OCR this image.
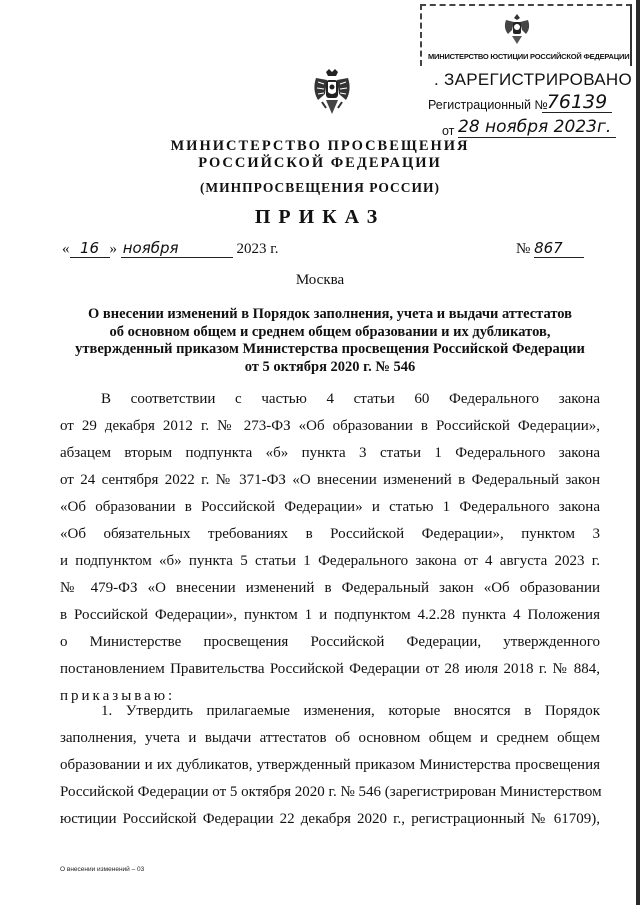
МИНИСТЕРСТВО ЮСТИЦИИ РОССИЙСКОЙ ФЕДЕРАЦИИ
. ЗАРЕГИСТРИРОВАНО
Регистрационный №
76139
от 28 ноября 2023г.
МИНИСТЕРСТВО ПРОСВЕЩЕНИЯ
РОССИЙСКОЙ ФЕДЕРАЦИИ
(МИНПРОСВЕЩЕНИЯ РОССИИ)
ПРИКАЗ
« 16 » ноября	2023 г.	№ 867
Москва
О внесении изменений в Порядок заполнения, учета и выдачи аттестатов
об основном общем и среднем общем образовании и их дубликатов,
утвержденный приказом Министерства просвещения Российской Федерации
от 5 октября 2020 г. № 546
В соответствии с частью 4 статьи 60 Федерального закона
от 29 декабря 2012 г. № 273-ФЗ «Об образовании в Российской Федерации»,
абзацем вторым подпункта «б» пункта 3 статьи 1 Федерального закона
от 24 сентября 2022 г. № 371-ФЗ «О внесении изменений в Федеральный закон
«Об образовании в Российской Федерации» и статью 1 Федерального закона
«Об обязательных требованиях в Российской Федерации», пунктом 3
и подпунктом «б» пункта 5 статьи 1 Федерального закона от 4 августа 2023 г.
№ 479-ФЗ «О внесении изменений в Федеральный закон «Об образовании
в Российской Федерации», пунктом 1 и подпунктом 4.2.28 пункта 4 Положения
о Министерстве просвещения Российской Федерации, утвержденного
постановлением Правительства Российской Федерации от 28 июля 2018 г. № 884,
приказываю:
1. Утвердить прилагаемые изменения, которые вносятся в Порядок
заполнения, учета и выдачи аттестатов об основном общем и среднем общем
образовании и их дубликатов, утвержденный приказом Министерства просвещения
Российской Федерации от 5 октября 2020 г. № 546 (зарегистрирован Министерством
юстиции Российской Федерации 22 декабря 2020 г., регистрационный № 61709),
О внесении изменений – 03
